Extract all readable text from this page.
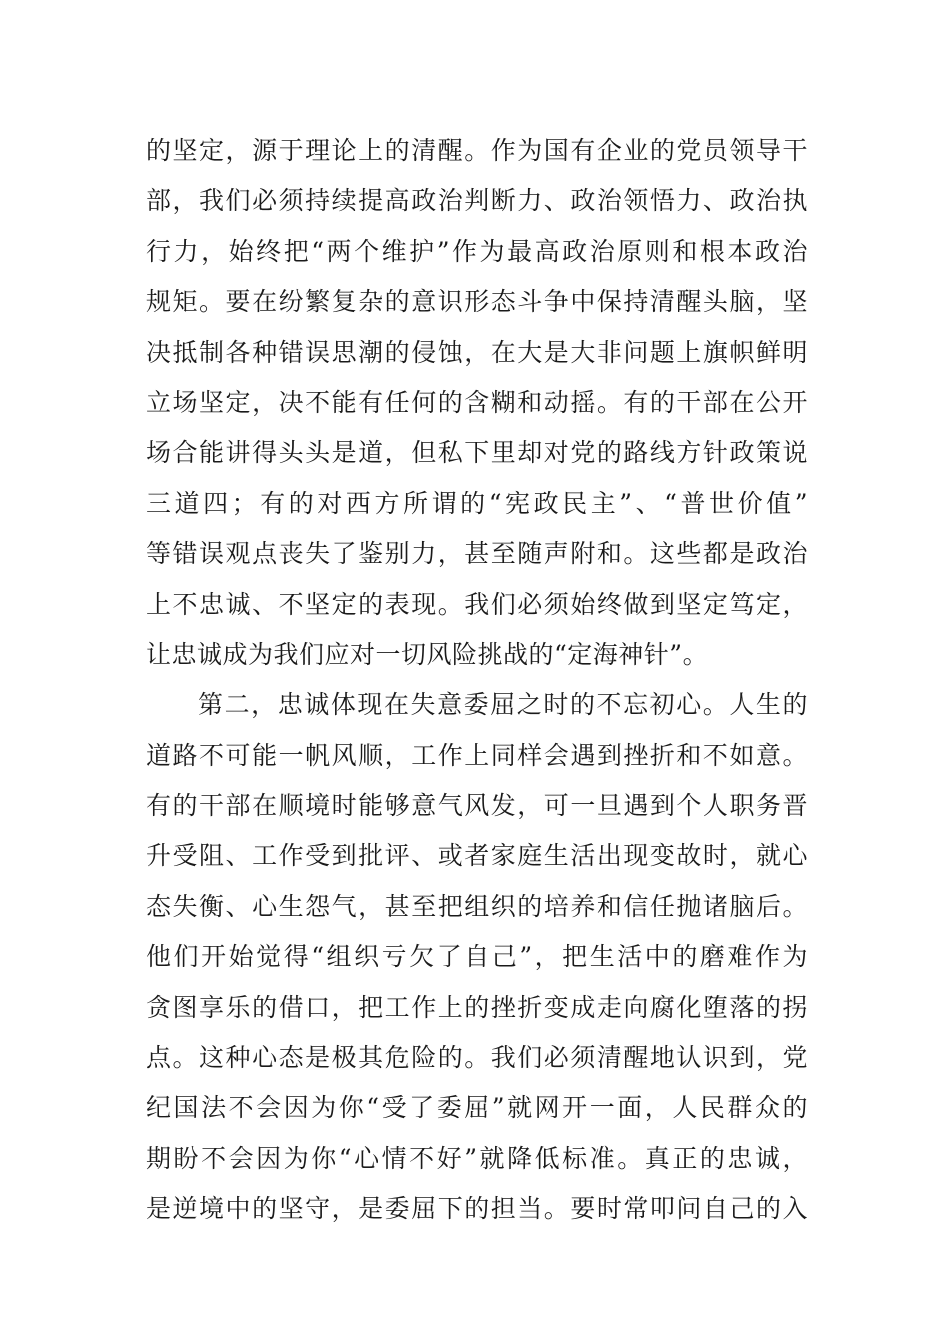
的坚定，源于理论上的清醒。作为国有企业的党员领导干
部，我们必须持续提高政治判断力、政治领悟力、政治执
行力，始终把“两个维护”作为最高政治原则和根本政治
规矩。要在纷繁复杂的意识形态斗争中保持清醒头脑，坚
决抵制各种错误思潮的侵蚀，在大是大非问题上旗帜鲜明
立场坚定，决不能有任何的含糊和动摇。有的干部在公开
场合能讲得头头是道，但私下里却对党的路线方针政策说
三道四；有的对西方所谓的“宪政民主”、“普世价值”
等错误观点丧失了鉴别力，甚至随声附和。这些都是政治
上不忠诚、不坚定的表现。我们必须始终做到坚定笃定，
让忠诚成为我们应对一切风险挑战的“定海神针”。
第二，忠诚体现在失意委屈之时的不忘初心。人生的
道路不可能一帆风顺，工作上同样会遇到挫折和不如意。
有的干部在顺境时能够意气风发，可一旦遇到个人职务晋
升受阻、工作受到批评、或者家庭生活出现变故时，就心
态失衡、心生怨气，甚至把组织的培养和信任抛诸脑后。
他们开始觉得“组织亏欠了自己”，把生活中的磨难作为
贪图享乐的借口，把工作上的挫折变成走向腐化堕落的拐
点。这种心态是极其危险的。我们必须清醒地认识到，党
纪国法不会因为你“受了委屈”就网开一面，人民群众的
期盼不会因为你“心情不好”就降低标准。真正的忠诚，
是逆境中的坚守，是委屈下的担当。要时常叩问自己的入
